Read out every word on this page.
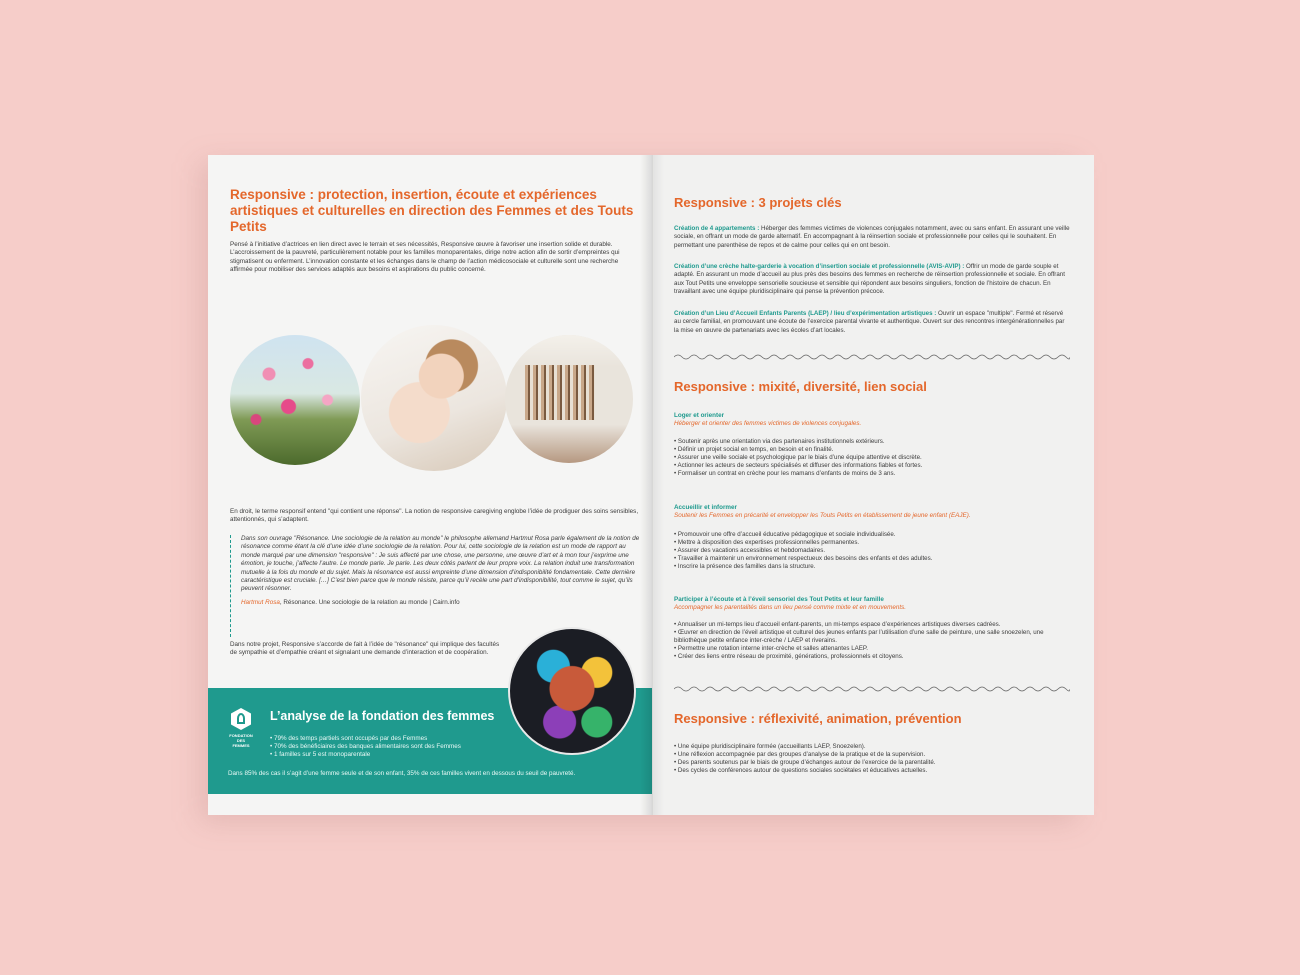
Responsive : protection, insertion, écoute et expériences artistiques et culturelles en direction des Femmes et des Touts Petits
Pensé à l’initiative d’actrices en lien direct avec le terrain et ses nécessités, Responsive œuvre à favoriser une insertion solide et durable. L’accroissement de la pauvreté, particulièrement notable pour les familles monoparentales, dirige notre action afin de sortir d’empreintes qui stigmatisent ou enferment. L’innovation constante et les échanges dans le champ de l’action médicosociale et culturelle sont une recherche affirmée pour mobiliser des services adaptés aux besoins et aspirations du public concerné.
En droit, le terme responsif entend "qui contient une réponse". La notion de responsive caregiving englobe l’idée de prodiguer des soins sensibles, attentionnés, qui s’adaptent.
Dans son ouvrage "Résonance. Une sociologie de la relation au monde" le philosophe allemand Hartmut Rosa parle également de la notion de résonance comme étant la clé d’une idée d’une sociologie de la relation. Pour lui, cette sociologie de la relation est un mode de rapport au monde marqué par une dimension "responsive" : Je suis affecté par une chose, une personne, une œuvre d’art et à mon tour j’exprime une émotion, je touche, j’affecte l’autre. Le monde parle. Je parle. Les deux côtés parlent de leur propre voix. La relation induit une transformation mutuelle à la fois du monde et du sujet. Mais la résonance est aussi empreinte d’une dimension d’indisponibilité fondamentale. Cette dernière caractéristique est cruciale. […] C’est bien parce que le monde résiste, parce qu’il recèle une part d’indisponibilité, tout comme le sujet, qu’ils peuvent résonner.
Hartmut Rosa, Résonance. Une sociologie de la relation au monde | Cairn.info
Dans notre projet, Responsive s’accorde de fait à l’idée de "résonance" qui implique des facultés de sympathie et d’empathie créant et signalant une demande d’interaction et de coopération.
FONDATION DES FEMMES
L’analyse de la fondation des femmes
• 79% des temps partiels sont occupés par des Femmes
• 70% des bénéficiaires des banques alimentaires sont des Femmes
• 1 familles sur 5 est monoparentale
Dans 85% des cas il s’agit d’une femme seule et de son enfant, 35% de ces familles vivent en dessous du seuil de pauvreté.
Responsive : 3 projets clés
Création de 4 appartements : Héberger des femmes victimes de violences conjugales notamment, avec ou sans enfant. En assurant une veille sociale, en offrant un mode de garde alternatif. En accompagnant à la réinsertion sociale et professionnelle pour celles qui le souhaitent. En permettant une parenthèse de repos et de calme pour celles qui en ont besoin.
Création d’une crèche halte-garderie à vocation d’insertion sociale et professionnelle (AVIS-AVIP) : Offrir un mode de garde souple et adapté. En assurant un mode d’accueil au plus près des besoins des femmes en recherche de réinsertion professionnelle et sociale. En offrant aux Tout Petits une enveloppe sensorielle soucieuse et sensible qui répondent aux besoins singuliers, fonction de l’histoire de chacun. En travaillant avec une équipe pluridisciplinaire qui pense la prévention précoce.
Création d’un Lieu d’Accueil Enfants Parents (LAEP) / lieu d’expérimentation artistiques : Ouvrir un espace "multiple". Fermé et réservé au cercle familial, en promouvant une écoute de l’exercice parental vivante et authentique. Ouvert sur des rencontres intergénérationnelles par la mise en œuvre de partenariats avec les écoles d’art locales.
Responsive : mixité, diversité, lien social
Loger et orienter
Héberger et orienter des femmes victimes de violences conjugales.
• Soutenir après une orientation via des partenaires institutionnels extérieurs.
• Définir un projet social en temps, en besoin et en finalité.
• Assurer une veille sociale et psychologique par le biais d’une équipe attentive et discrète.
• Actionner les acteurs de secteurs spécialisés et diffuser des informations fiables et fortes.
• Formaliser un contrat en crèche pour les mamans d’enfants de moins de 3 ans.
Accueillir et informer
Soutenir les Femmes en précarité et envelopper les Touts Petits en établissement de jeune enfant (EAJE).
• Promouvoir une offre d’accueil éducative pédagogique et sociale individualisée.
• Mettre à disposition des expertises professionnelles permanentes.
• Assurer des vacations accessibles et hebdomadaires.
• Travailler à maintenir un environnement respectueux des besoins des enfants et des adultes.
• Inscrire la présence des familles dans la structure.
Participer à l’écoute et à l’éveil sensoriel des Tout Petits et leur famille
Accompagner les parentalités dans un lieu pensé comme mixte et en mouvements.
• Annualiser un mi-temps lieu d’accueil enfant-parents, un mi-temps espace d’expériences artistiques diverses cadrées.
• Œuvrer en direction de l’éveil artistique et culturel des jeunes enfants par l’utilisation d’une salle de peinture, une salle snoezelen, une bibliothèque petite enfance inter-crèche / LAEP et riverains.
• Permettre une rotation interne inter-crèche et salles attenantes LAEP.
• Créer des liens entre réseau de proximité, générations, professionnels et citoyens.
Responsive : réflexivité, animation, prévention
• Une équipe pluridisciplinaire formée (accueillants LAEP, Snoezelen).
• Une réflexion accompagnée par des groupes d’analyse de la pratique et de la supervision.
• Des parents soutenus par le biais de groupe d’échanges autour de l’exercice de la parentalité.
• Des cycles de conférences autour de questions sociales sociétales et éducatives actuelles.
